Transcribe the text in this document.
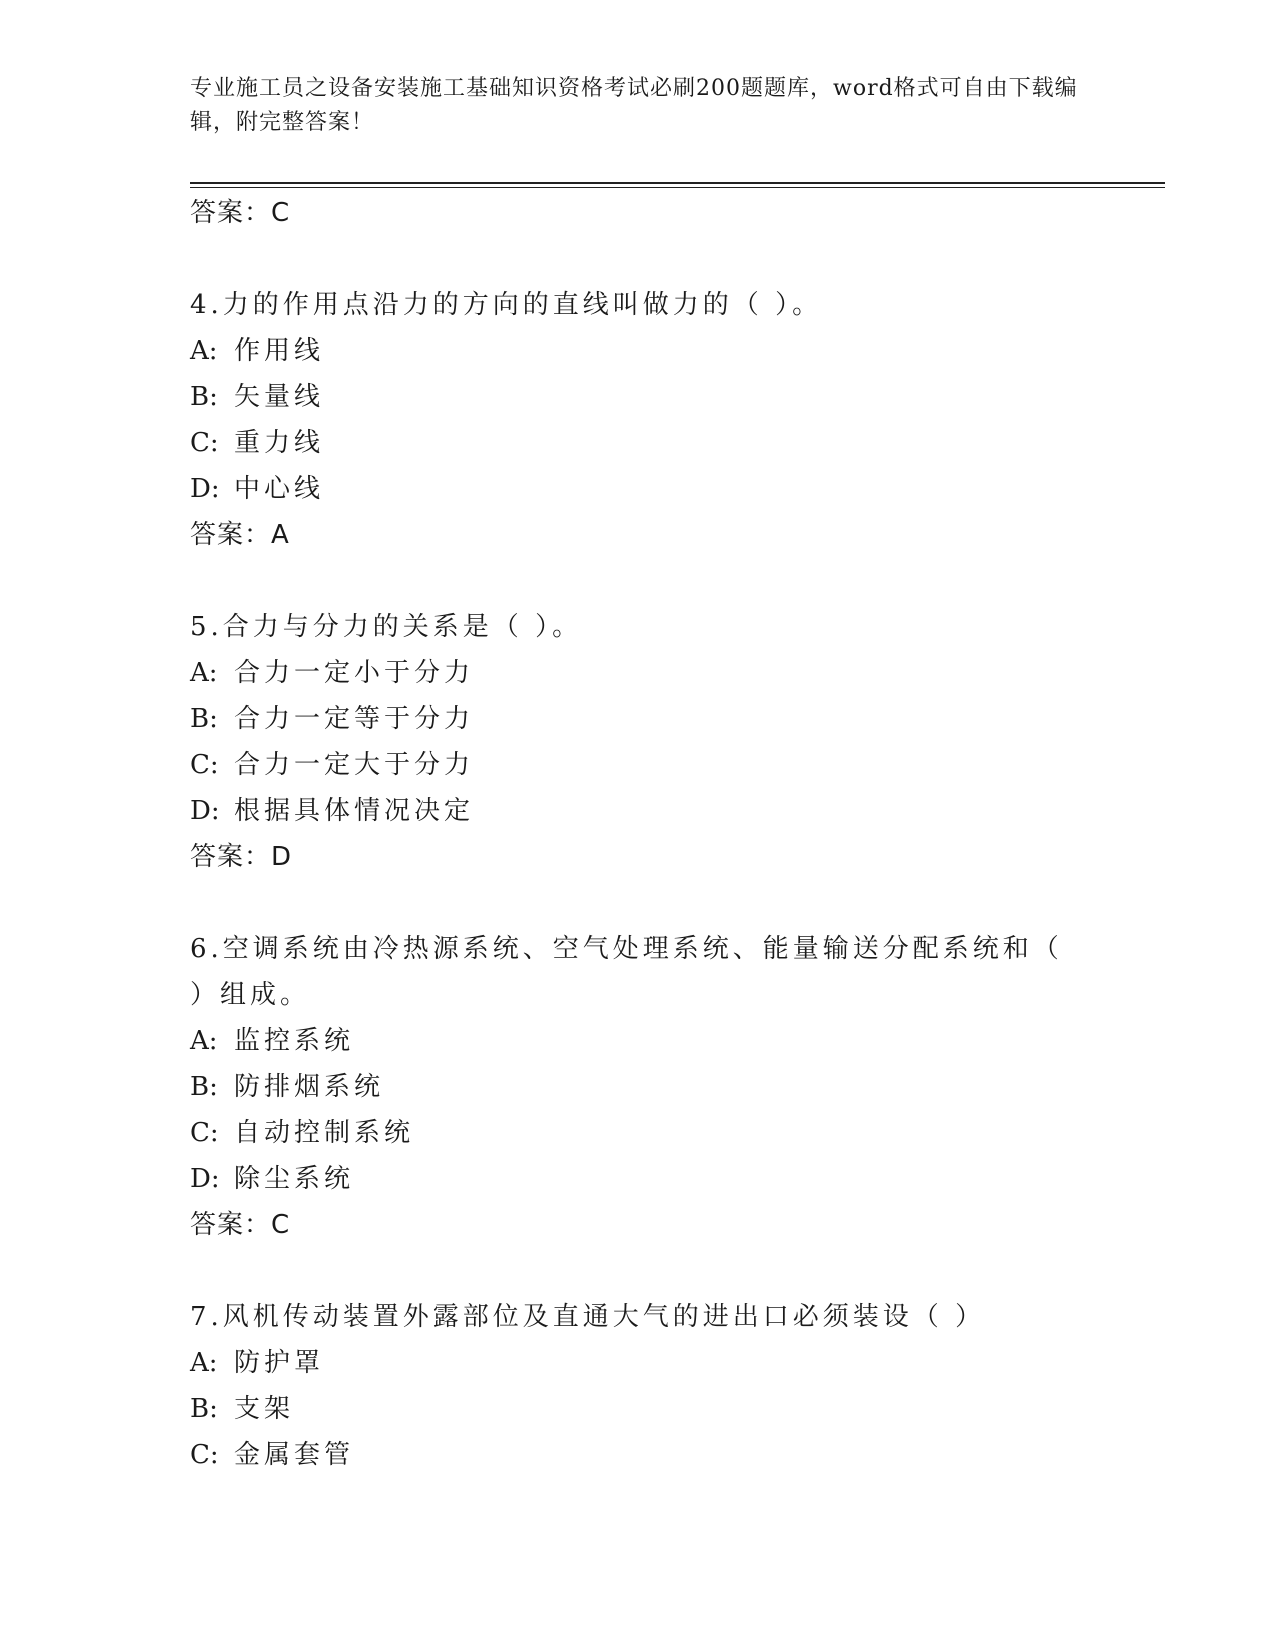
专业施工员之设备安装施工基础知识资格考试必刷200题题库，word格式可自由下载编辑，附完整答案！
答案：C
4.力的作用点沿力的方向的直线叫做力的（ ）。
A: 作用线
B: 矢量线
C: 重力线
D: 中心线
答案：A
5.合力与分力的关系是（ ）。
A: 合力一定小于分力
B: 合力一定等于分力
C: 合力一定大于分力
D: 根据具体情况决定
答案：D
6.空调系统由冷热源系统、空气处理系统、能量输送分配系统和（ ）组成。
A: 监控系统
B: 防排烟系统
C: 自动控制系统
D: 除尘系统
答案：C
7.风机传动装置外露部位及直通大气的进出口必须装设（ ）
A: 防护罩
B: 支架
C: 金属套管
